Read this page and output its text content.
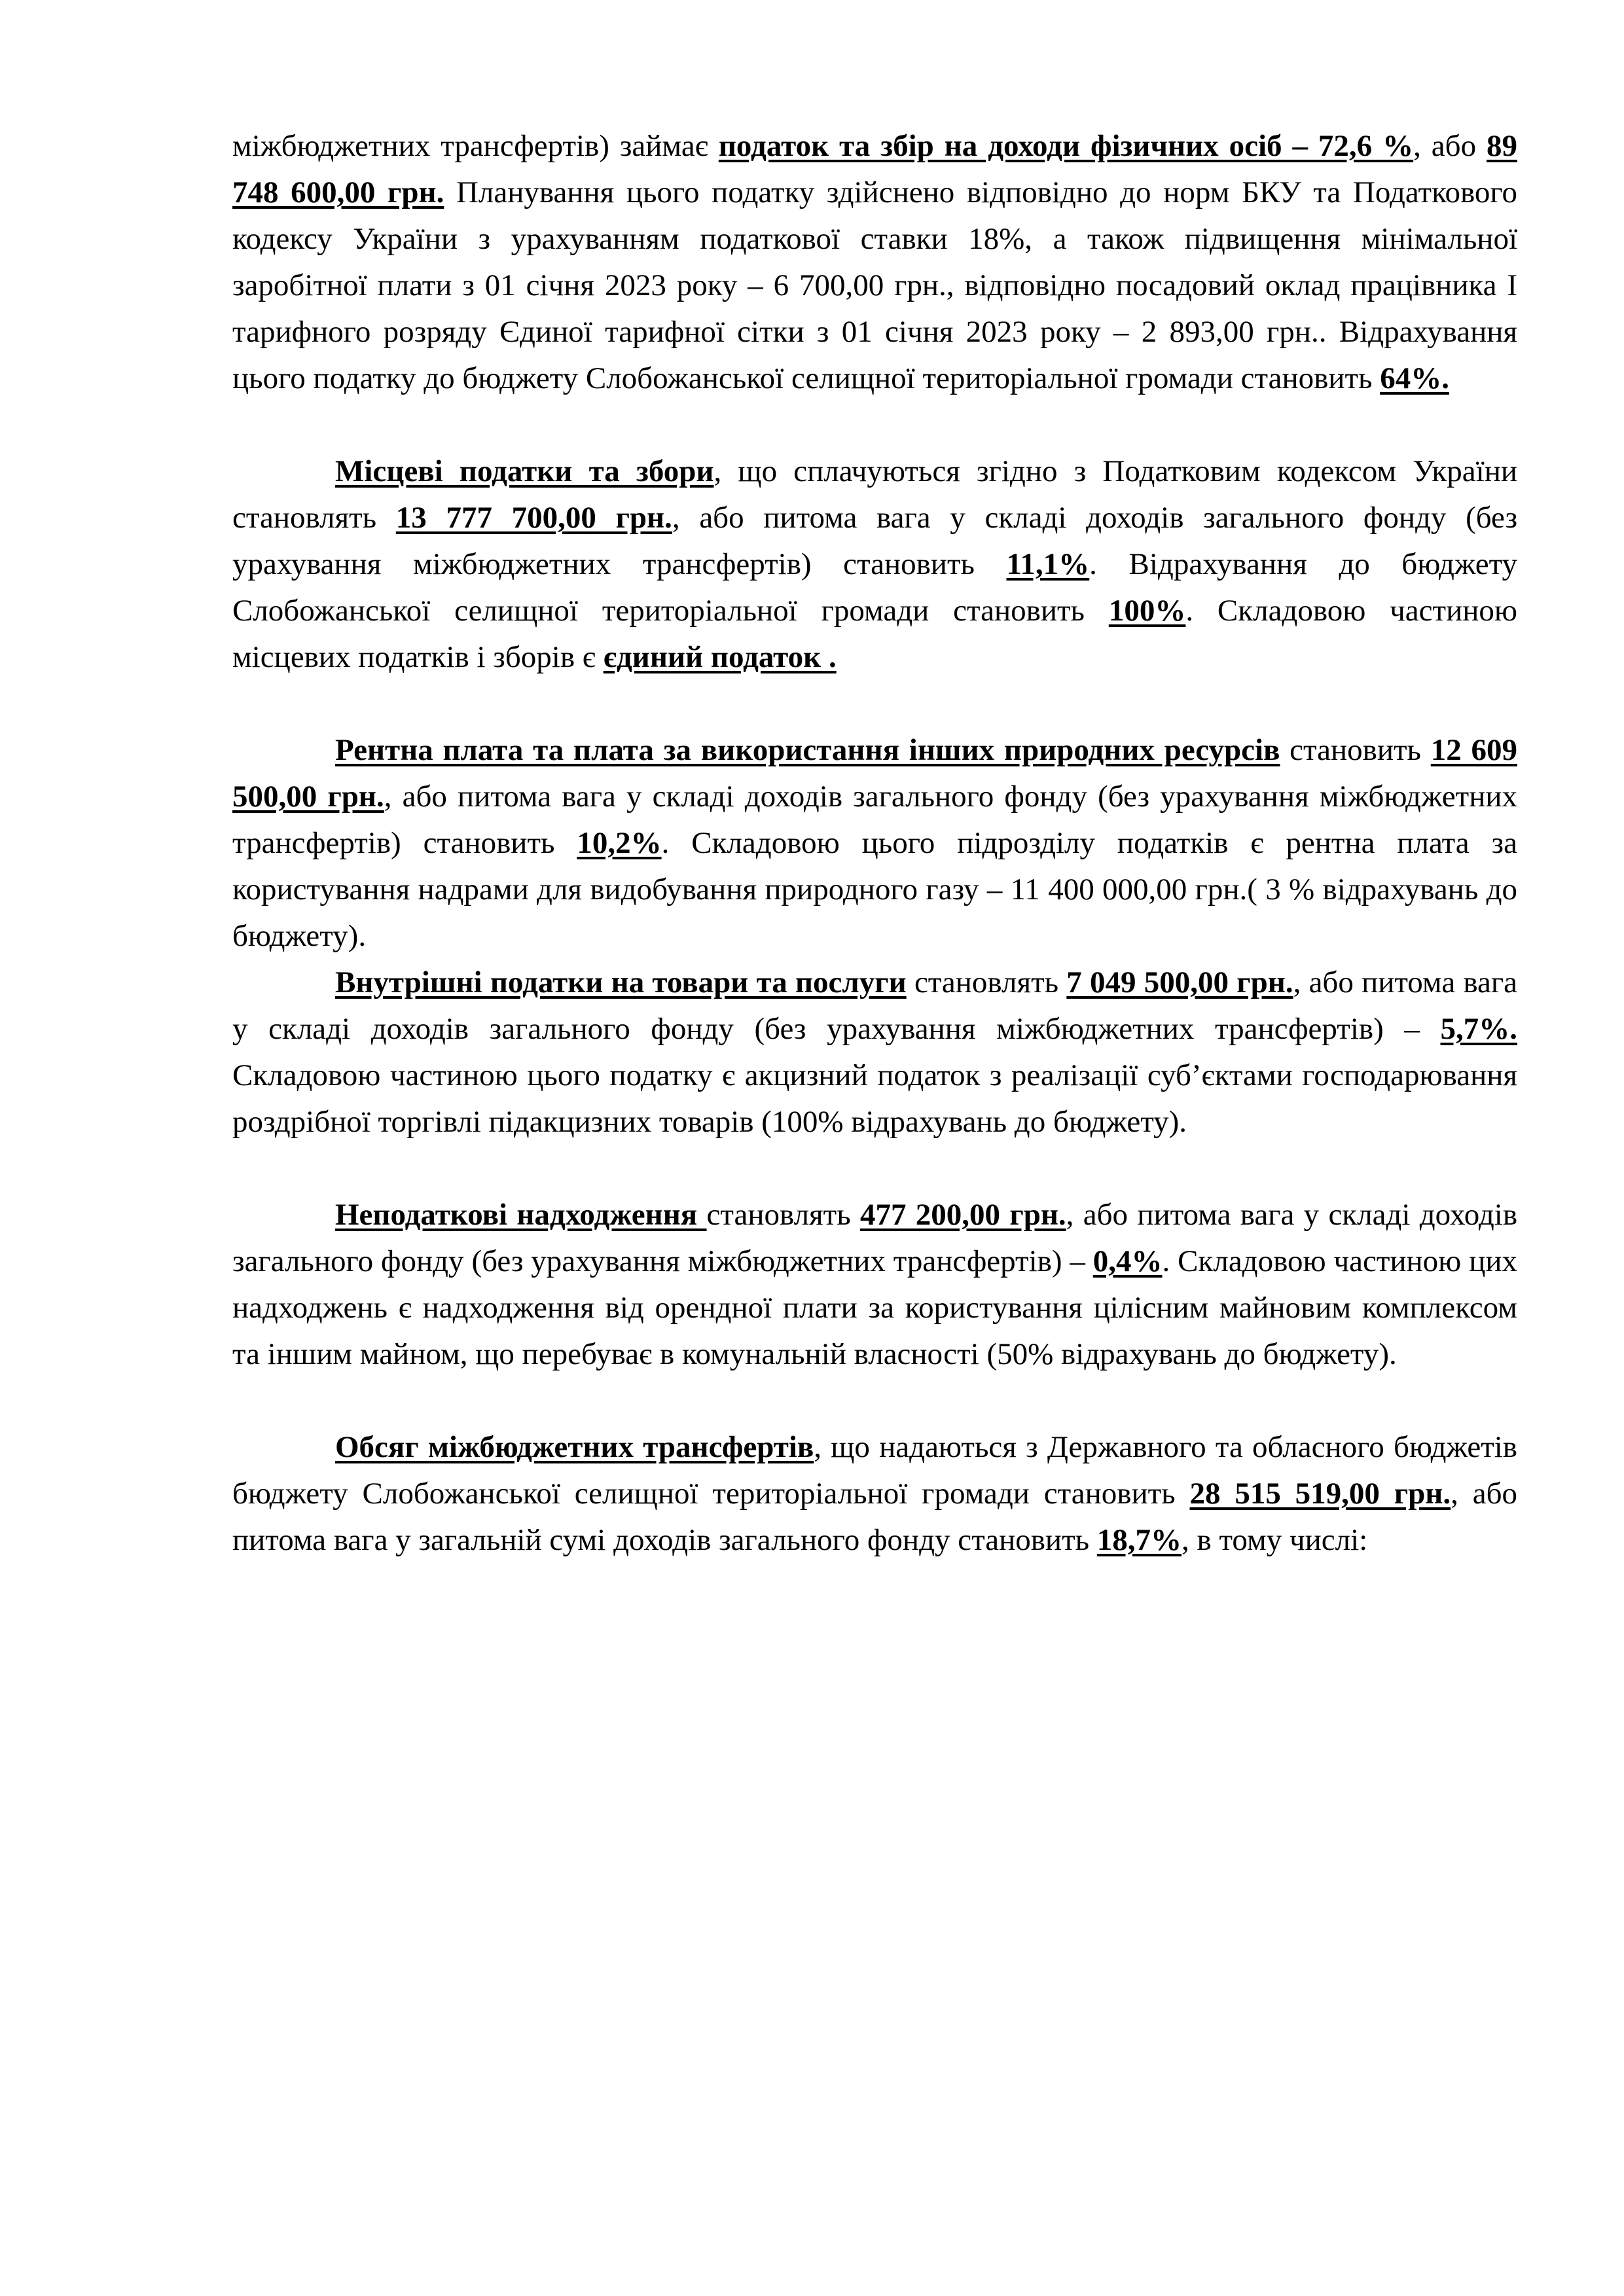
міжбюджетних трансфертів) займає податок та збір на доходи фізичних осіб – 72,6 %, або 89 748 600,00 грн. Планування цього податку здійснено відповідно до норм БКУ та Податкового кодексу України з урахуванням податкової ставки 18%, а також підвищення мінімальної заробітної плати з 01 січня 2023 року – 6 700,00 грн., відповідно посадовий оклад працівника І тарифного розряду Єдиної тарифної сітки з 01 січня 2023 року – 2 893,00 грн.. Відрахування цього податку до бюджету Слобожанської селищної територіальної громади становить 64%.

Місцеві податки та збори, що сплачуються згідно з Податковим кодексом України становлять 13 777 700,00 грн., або питома вага у складі доходів загального фонду (без урахування міжбюджетних трансфертів) становить 11,1%. Відрахування до бюджету Слобожанської селищної територіальної громади становить 100%. Складовою частиною місцевих податків і зборів є єдиний податок .

Рентна плата та плата за використання інших природних ресурсів становить 12 609 500,00 грн., або питома вага у складі доходів загального фонду (без урахування міжбюджетних трансфертів) становить 10,2%. Складовою цього підрозділу податків є рентна плата за користування надрами для видобування природного газу – 11 400 000,00 грн.( 3 % відрахувань до бюджету).

Внутрішні податки на товари та послуги становлять 7 049 500,00 грн., або питома вага у складі доходів загального фонду (без урахування міжбюджетних трансфертів) – 5,7%. Складовою частиною цього податку є акцизний податок з реалізації суб’єктами господарювання роздрібної торгівлі підакцизних товарів (100% відрахувань до бюджету).

Неподаткові надходження становлять 477 200,00 грн., або питома вага у складі доходів загального фонду (без урахування міжбюджетних трансфертів) – 0,4%. Складовою частиною цих надходжень є надходження від орендної плати за користування цілісним майновим комплексом та іншим майном, що перебуває в комунальній власності (50% відрахувань до бюджету).

Обсяг міжбюджетних трансфертів, що надаються з Державного та обласного бюджетів бюджету Слобожанської селищної територіальної громади становить 28 515 519,00 грн., або питома вага у загальній сумі доходів загального фонду становить 18,7%, в тому числі:
